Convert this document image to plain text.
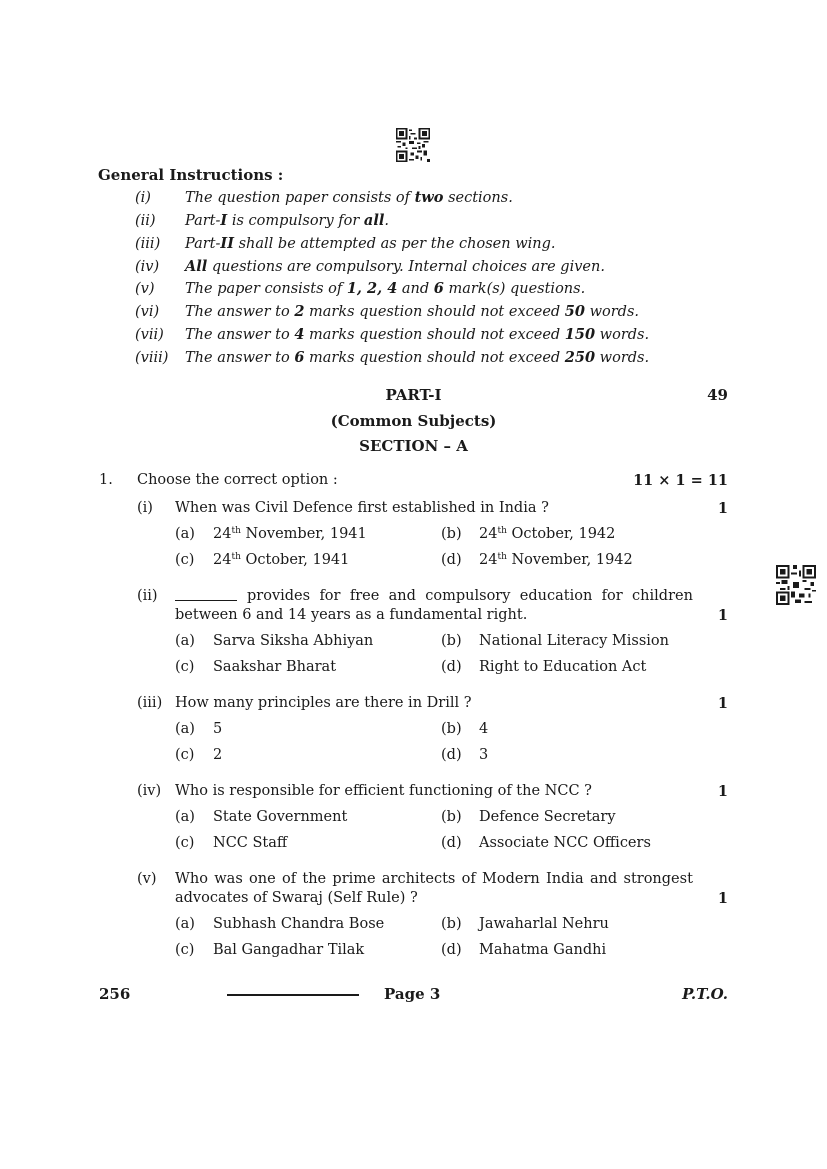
General Instructions :
(i) The question paper consists of two sections.
(ii) Part-I is compulsory for all.
(iii) Part-II shall be attempted as per the chosen wing.
(iv) All questions are compulsory. Internal choices are given.
(v) The paper consists of 1, 2, 4 and 6 mark(s) questions.
(vi) The answer to 2 marks question should not exceed 50 words.
(vii) The answer to 4 marks question should not exceed 150 words.
(viii) The answer to 6 marks question should not exceed 250 words.
PART-I	49
(Common Subjects)
SECTION – A
1. Choose the correct option :	11 × 1 = 11
(i) When was Civil Defence first established in India ?	1
(a) 24th November, 1941	(b) 24th October, 1942
(c) 24th October, 1941	(d) 24th November, 1942
(ii)	provides for free and compulsory education for children
between 6 and 14 years as a fundamental right.	1
(a) Sarva Siksha Abhiyan	(b) National Literacy Mission
(c) Saakshar Bharat	(d) Right to Education Act
(iii) How many principles are there in Drill ?	1
(a) 5	(b) 4
(c) 2	(d) 3
(iv) Who is responsible for efficient functioning of the NCC ?	1
(a) State Government	(b) Defence Secretary
(c) NCC Staff	(d) Associate NCC Officers
(v) Who was one of the prime architects of Modern India and strongest
advocates of Swaraj (Self Rule) ?	1
(a) Subhash Chandra Bose	(b) Jawaharlal Nehru
(c) Bal Gangadhar Tilak	(d) Mahatma Gandhi
256	Page 3	P.T.O.
